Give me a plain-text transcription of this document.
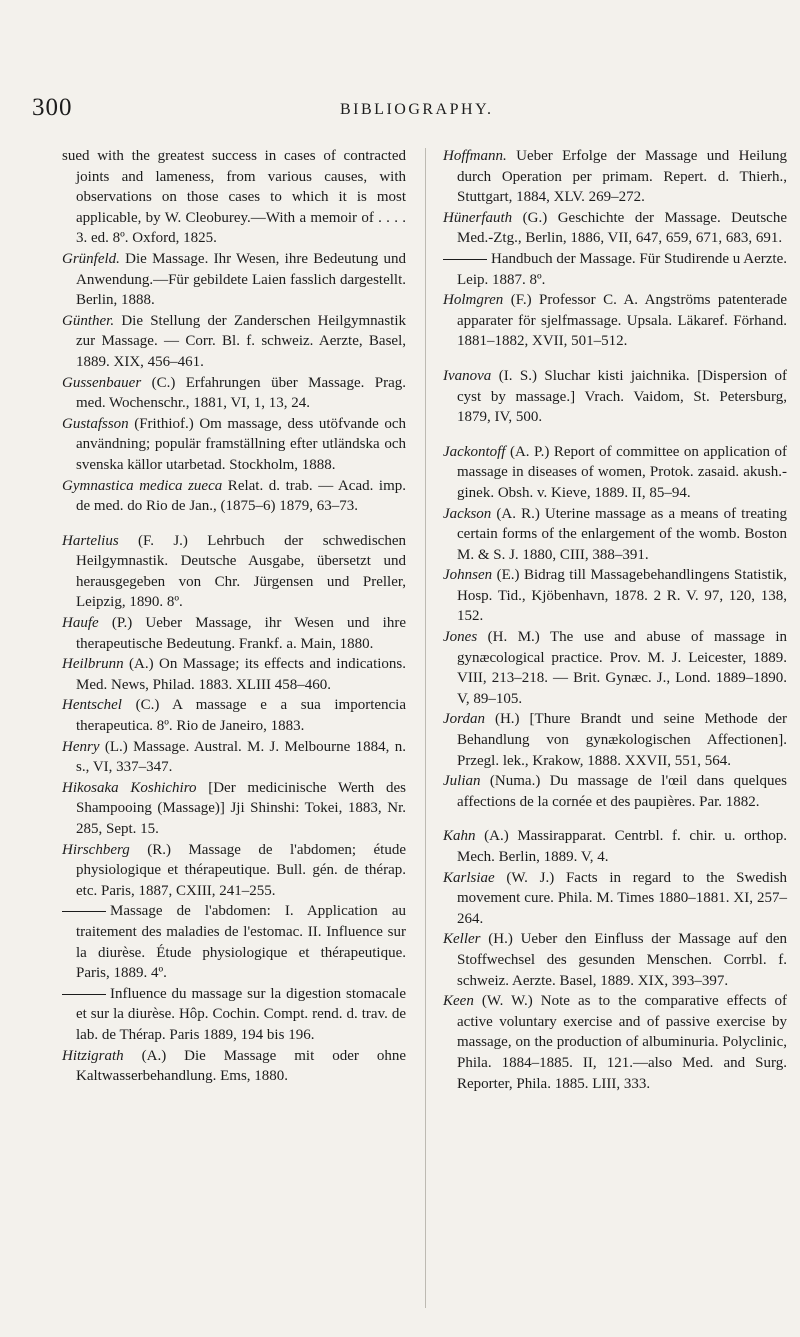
300	BIBLIOGRAPHY.
sued with the greatest success in cases of contracted joints and lameness, from various causes, with observations on those cases to which it is most applicable, by W. Cleoburey.—With a memoir of . . . . 3. ed. 8º. Oxford, 1825.
Grünfeld. Die Massage. Ihr Wesen, ihre Bedeutung und Anwendung.—Für gebildete Laien fasslich dargestellt. Berlin, 1888.
Günther. Die Stellung der Zanderschen Heilgymnastik zur Massage. — Corr. Bl. f. schweiz. Aerzte, Basel, 1889. XIX, 456–461.
Gussenbauer (C.) Erfahrungen über Massage. Prag. med. Wochenschr., 1881, VI, 1, 13, 24.
Gustafsson (Frithiof.) Om massage, dess utöfvande och användning; populär framställning efter utländska och svenska källor utarbetad. Stockholm, 1888.
Gymnastica medica zueca Relat. d. trab. — Acad. imp. de med. do Rio de Jan., (1875–6) 1879, 63–73.
Hartelius (F. J.) Lehrbuch der schwedischen Heilgymnastik. Deutsche Ausgabe, übersetzt und herausgegeben von Chr. Jürgensen und Preller, Leipzig, 1890. 8º.
Haufe (P.) Ueber Massage, ihr Wesen und ihre therapeutische Bedeutung. Frankf. a. Main, 1880.
Heilbrunn (A.) On Massage; its effects and indications. Med. News, Philad. 1883. XLIII 458–460.
Hentschel (C.) A massage e a sua importencia therapeutica. 8º. Rio de Janeiro, 1883.
Henry (L.) Massage. Austral. M. J. Melbourne 1884, n. s., VI, 337–347.
Hikosaka Koshichiro [Der medicinische Werth des Shampooing (Massage)] Jji Shinshi: Tokei, 1883, Nr. 285, Sept. 15.
Hirschberg (R.) Massage de l'abdomen; étude physiologique et thérapeutique. Bull. gén. de thérap. etc. Paris, 1887, CXIII, 241–255.
Massage de l'abdomen: I. Application au traitement des maladies de l'estomac. II. Influence sur la diurèse. Étude physiologique et thérapeutique. Paris, 1889. 4º.
Influence du massage sur la digestion stomacale et sur la diurèse. Hôp. Cochin. Compt. rend. d. trav. de lab. de Thérap. Paris 1889, 194 bis 196.
Hitzigrath (A.) Die Massage mit oder ohne Kaltwasserbehandlung. Ems, 1880.
Hoffmann. Ueber Erfolge der Massage und Heilung durch Operation per primam. Repert. d. Thierh., Stuttgart, 1884, XLV. 269–272.
Hünerfauth (G.) Geschichte der Massage. Deutsche Med.-Ztg., Berlin, 1886, VII, 647, 659, 671, 683, 691.
Handbuch der Massage. Für Studirende u Aerzte. Leip. 1887. 8º.
Holmgren (F.) Professor C. A. Angströms patenterade apparater för sjelfmassage. Upsala. Läkaref. Förhand. 1881–1882, XVII, 501–512.
Ivanova (I. S.) Sluchar kisti jaichnika. [Dispersion of cyst by massage.] Vrach. Vaidom, St. Petersburg, 1879, IV, 500.
Jackontoff (A. P.) Report of committee on application of massage in diseases of women, Protok. zasaid. akush.-ginek. Obsh. v. Kieve, 1889. II, 85–94.
Jackson (A. R.) Uterine massage as a means of treating certain forms of the enlargement of the womb. Boston M. & S. J. 1880, CIII, 388–391.
Johnsen (E.) Bidrag till Massagebehandlingens Statistik, Hosp. Tid., Kjöbenhavn, 1878. 2 R. V. 97, 120, 138, 152.
Jones (H. M.) The use and abuse of massage in gynæcological practice. Prov. M. J. Leicester, 1889. VIII, 213–218. — Brit. Gynæc. J., Lond. 1889–1890. V, 89–105.
Jordan (H.) [Thure Brandt und seine Methode der Behandlung von gynækologischen Affectionen]. Przegl. lek., Krakow, 1888. XXVII, 551, 564.
Julian (Numa.) Du massage de l'œil dans quelques affections de la cornée et des paupières. Par. 1882.
Kahn (A.) Massirapparat. Centrbl. f. chir. u. orthop. Mech. Berlin, 1889. V, 4.
Karlsiae (W. J.) Facts in regard to the Swedish movement cure. Phila. M. Times 1880–1881. XI, 257–264.
Keller (H.) Ueber den Einfluss der Massage auf den Stoffwechsel des gesunden Menschen. Corrbl. f. schweiz. Aerzte. Basel, 1889. XIX, 393–397.
Keen (W. W.) Note as to the comparative effects of active voluntary exercise and of passive exercise by massage, on the production of albuminuria. Polyclinic, Phila. 1884–1885. II, 121.—also Med. and Surg. Reporter, Phila. 1885. LIII, 333.
